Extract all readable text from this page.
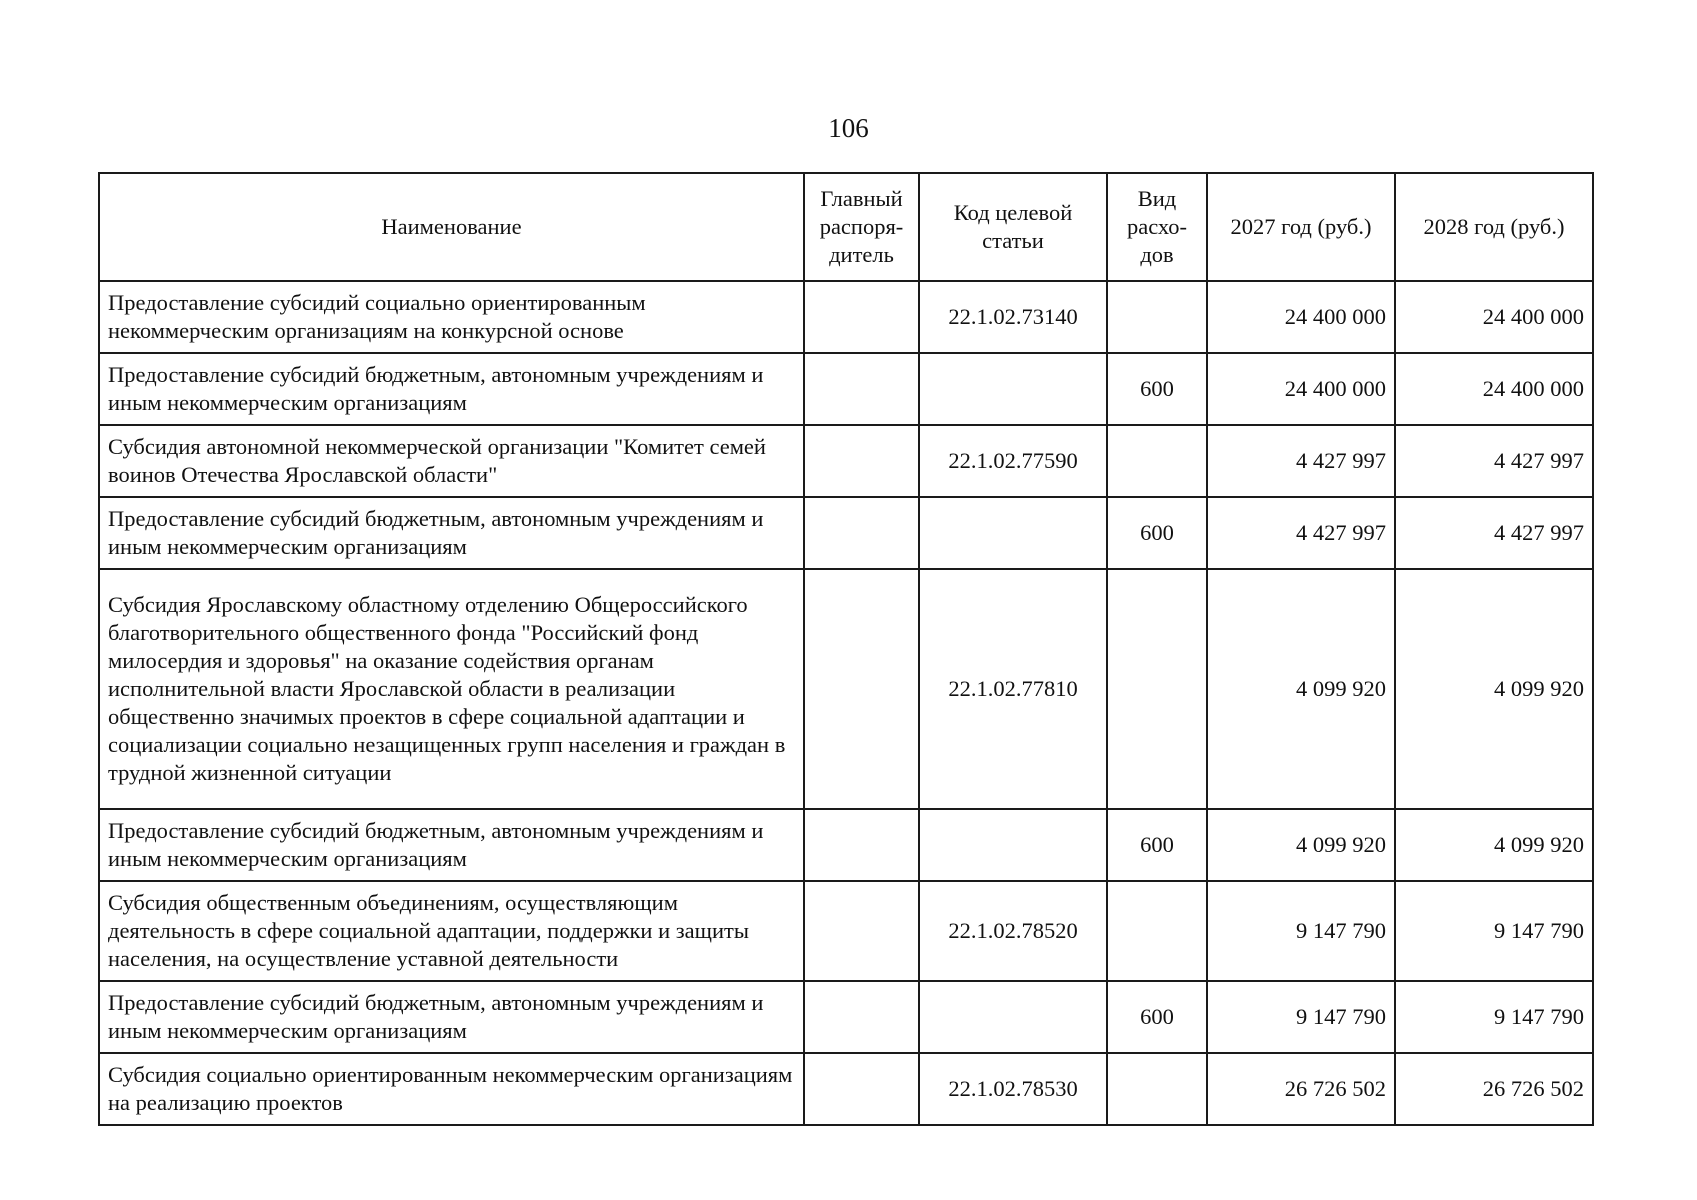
106
Наименование	Главный распоря-дитель	Код целевой статьи	Вид расхо-дов	2027 год (руб.)	2028 год (руб.)
Предоставление субсидий социально ориентированным некоммерческим организациям на конкурсной основе		22.1.02.73140		24 400 000	24 400 000
Предоставление субсидий бюджетным, автономным учреждениям и иным некоммерческим организациям			600	24 400 000	24 400 000
Субсидия автономной некоммерческой организации "Комитет семей воинов Отечества Ярославской области"		22.1.02.77590		4 427 997	4 427 997
Предоставление субсидий бюджетным, автономным учреждениям и иным некоммерческим организациям			600	4 427 997	4 427 997
Субсидия Ярославскому областному отделению Общероссийского благотворительного общественного фонда "Российский фонд милосердия и здоровья" на оказание содействия органам исполнительной власти Ярославской области в реализации общественно значимых проектов в сфере социальной адаптации и социализации социально незащищенных групп населения и граждан в трудной жизненной ситуации		22.1.02.77810		4 099 920	4 099 920
Предоставление субсидий бюджетным, автономным учреждениям и иным некоммерческим организациям			600	4 099 920	4 099 920
Субсидия общественным объединениям, осуществляющим деятельность в сфере социальной адаптации, поддержки и защиты населения, на осуществление уставной деятельности		22.1.02.78520		9 147 790	9 147 790
Предоставление субсидий бюджетным, автономным учреждениям и иным некоммерческим организациям			600	9 147 790	9 147 790
Субсидия социально ориентированным некоммерческим организациям на реализацию проектов		22.1.02.78530		26 726 502	26 726 502
